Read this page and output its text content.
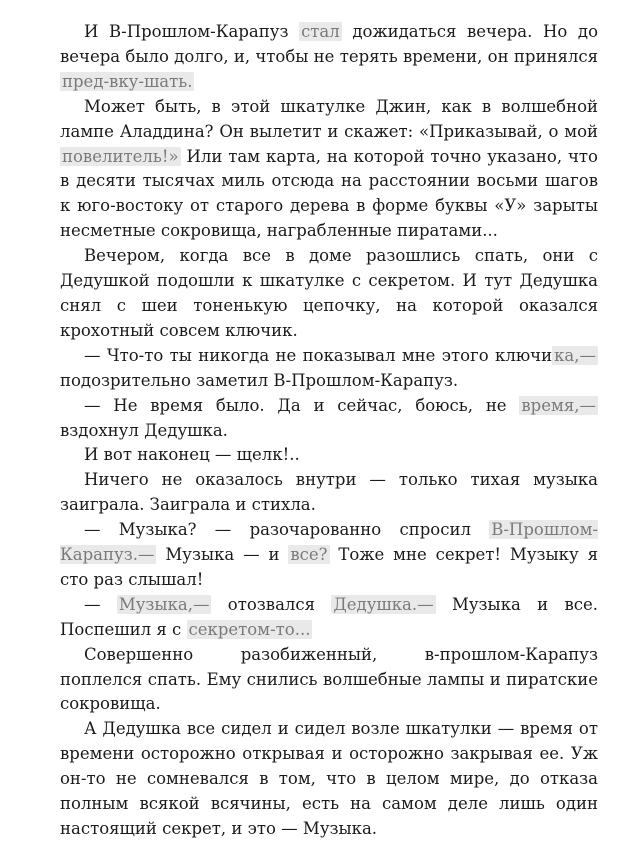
И В-Прошлом-Карапуз стал дожидаться вечера. Но до вечера было долго, и, чтобы не терять времени, он принялся пред-вку-шать.

Может быть, в этой шкатулке Джин, как в волшебной лампе Аладдина? Он вылетит и скажет: «Приказывай, о мой повелитель!» Или там карта, на которой точно указано, что в десяти тысячах миль отсюда на расстоянии восьми шагов к юго-востоку от старого дерева в форме буквы «У» зарыты несметные сокровища, награбленные пиратами...

Вечером, когда все в доме разошлись спать, они с Дедушкой подошли к шкатулке с секретом. И тут Дедушка снял с шеи тоненькую цепочку, на которой оказался крохотный совсем ключик.

— Что-то ты никогда не показывал мне этого ключи ка,— подозрительно заметил В-Прошлом-Карапуз.

— Не время было. Да и сейчас, боюсь, не время,— вздохнул Дедушка.

И вот наконец — щелк!..

Ничего не оказалось внутри — только тихая музыка заиграла. Заиграла и стихла.

— Музыка? — разочарованно спросил В-Прошлом-Карапуз.— Музыка — и все? Тоже мне секрет! Музыку я сто раз слышал!

— Музыка,— отозвался Дедушка.— Музыка и все. Поспешил я с секретом-то...

Совершенно разобиженный, в-прошлом-Карапуз поплелся спать. Ему снились волшебные лампы и пиратские сокровища.

А Дедушка все сидел и сидел возле шкатулки — время от времени осторожно открывая и осторожно закрывая ее. Уж он-то не сомневался в том, что в целом мире, до отказа полным всякой всячины, есть на самом деле лишь один настоящий секрет, и это — Музыка.
